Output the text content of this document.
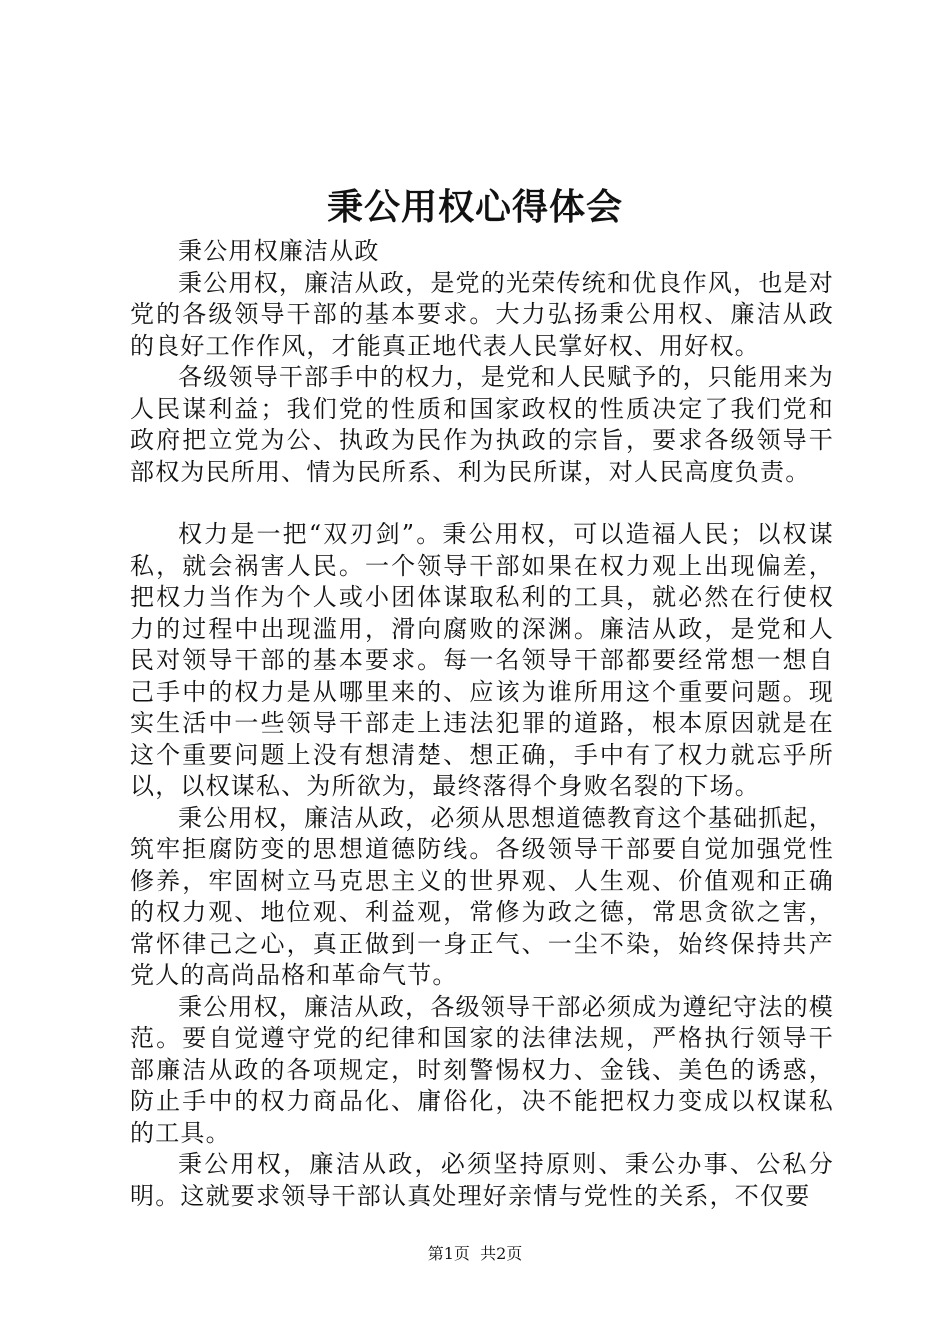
秉公用权心得体会

秉公用权廉洁从政

秉公用权，廉洁从政，是党的光荣传统和优良作风，也是对党的各级领导干部的基本要求。大力弘扬秉公用权、廉洁从政的良好工作作风，才能真正地代表人民掌好权、用好权。

各级领导干部手中的权力，是党和人民赋予的，只能用来为人民谋利益；我们党的性质和国家政权的性质决定了我们党和政府把立党为公、执政为民作为执政的宗旨，要求各级领导干部权为民所用、情为民所系、利为民所谋，对人民高度负责。

权力是一把“双刃剑”。秉公用权，可以造福人民；以权谋私，就会祸害人民。一个领导干部如果在权力观上出现偏差，把权力当作为个人或小团体谋取私利的工具，就必然在行使权力的过程中出现滥用，滑向腐败的深渊。廉洁从政，是党和人民对领导干部的基本要求。每一名领导干部都要经常想一想自己手中的权力是从哪里来的、应该为谁所用这个重要问题。现实生活中一些领导干部走上违法犯罪的道路，根本原因就是在这个重要问题上没有想清楚、想正确，手中有了权力就忘乎所以，以权谋私、为所欲为，最终落得个身败名裂的下场。

秉公用权，廉洁从政，必须从思想道德教育这个基础抓起，筑牢拒腐防变的思想道德防线。各级领导干部要自觉加强党性修养，牢固树立马克思主义的世界观、人生观、价值观和正确的权力观、地位观、利益观，常修为政之德，常思贪欲之害，常怀律己之心，真正做到一身正气、一尘不染，始终保持共产党人的高尚品格和革命气节。

秉公用权，廉洁从政，各级领导干部必须成为遵纪守法的模范。要自觉遵守党的纪律和国家的法律法规，严格执行领导干部廉洁从政的各项规定，时刻警惕权力、金钱、美色的诱惑，防止手中的权力商品化、庸俗化，决不能把权力变成以权谋私的工具。

秉公用权，廉洁从政，必须坚持原则、秉公办事、公私分明。这就要求领导干部认真处理好亲情与党性的关系，不仅要

第1页  共2页
